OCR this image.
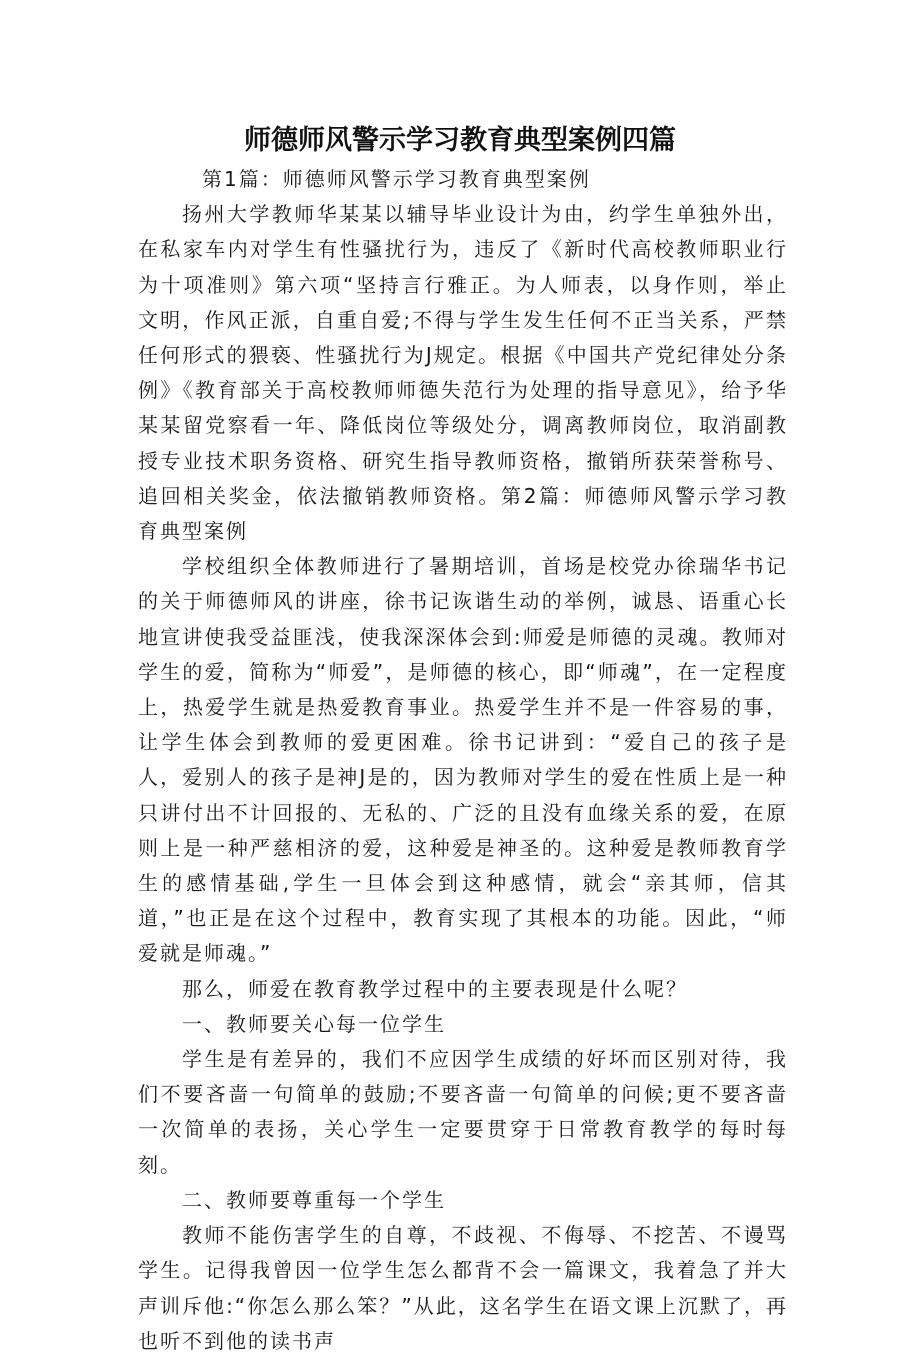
师德师风警示学习教育典型案例四篇

第1篇：师德师风警示学习教育典型案例

扬州大学教师华某某以辅导毕业设计为由，约学生单独外出，在私家车内对学生有性骚扰行为，违反了《新时代高校教师职业行为十项准则》第六项“坚持言行雅正。为人师表，以身作则，举止文明，作风正派，自重自爱;不得与学生发生任何不正当关系，严禁任何形式的猥亵、性骚扰行为J规定。根据《中国共产党纪律处分条例》《教育部关于高校教师师德失范行为处理的指导意见》，给予华某某留党察看一年、降低岗位等级处分，调离教师岗位，取消副教授专业技术职务资格、研究生指导教师资格，撤销所获荣誉称号、追回相关奖金，依法撤销教师资格。第2篇：师德师风警示学习教育典型案例

学校组织全体教师进行了暑期培训，首场是校党办徐瑞华书记的关于师德师风的讲座，徐书记诙谐生动的举例，诚恳、语重心长地宣讲使我受益匪浅，使我深深体会到:师爱是师德的灵魂。教师对学生的爱，简称为“师爱”，是师德的核心，即“师魂”，在一定程度上，热爱学生就是热爱教育事业。热爱学生并不是一件容易的事，让学生体会到教师的爱更困难。徐书记讲到：“爱自己的孩子是人，爱别人的孩子是神J是的，因为教师对学生的爱在性质上是一种只讲付出不计回报的、无私的、广泛的且没有血缘关系的爱，在原则上是一种严慈相济的爱，这种爱是神圣的。这种爱是教师教育学生的感情基础,学生一旦体会到这种感情，就会“亲其师，信其道，”也正是在这个过程中，教育实现了其根本的功能。因此，“师爱就是师魂。”

那么，师爱在教育教学过程中的主要表现是什么呢？

一、教师要关心每一位学生

学生是有差异的，我们不应因学生成绩的好坏而区别对待，我们不要吝啬一句简单的鼓励;不要吝啬一句简单的问候;更不要吝啬一次简单的表扬，关心学生一定要贯穿于日常教育教学的每时每刻。

二、教师要尊重每一个学生

教师不能伤害学生的自尊，不歧视、不侮辱、不挖苦、不谩骂学生。记得我曾因一位学生怎么都背不会一篇课文，我着急了并大声训斥他:“你怎么那么笨？”从此，这名学生在语文课上沉默了，再也听不到他的读书声
